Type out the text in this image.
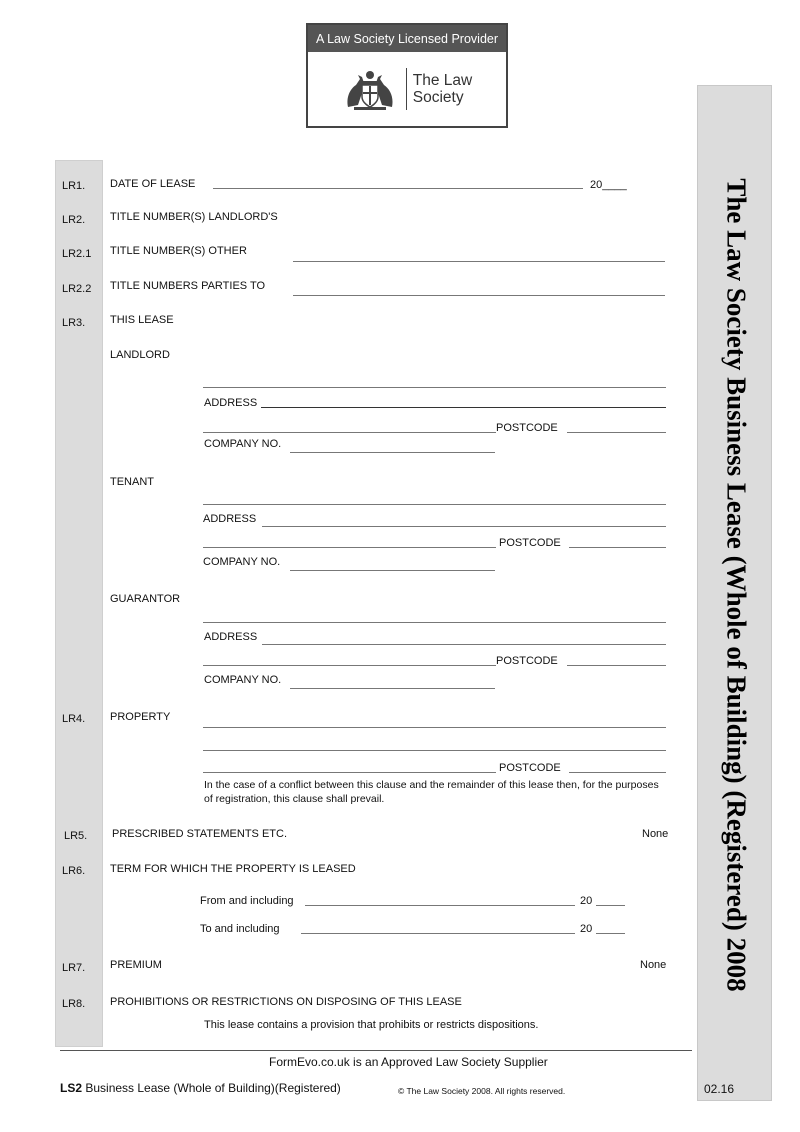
A Law Society Licensed Provider
The Law
Society
The Law Society Business Lease (Whole of Building) (Registered) 2008
LR1. DATE OF LEASE	20____
LR2. TITLE NUMBER(S) LANDLORD'S
LR2.1 TITLE NUMBER(S) OTHER
LR2.2 TITLE NUMBERS PARTIES TO
LR3. THIS LEASE
LANDLORD
ADDRESS
POSTCODE
COMPANY NO.
TENANT
ADDRESS
POSTCODE
COMPANY NO.
GUARANTOR
ADDRESS
POSTCODE
COMPANY NO.
LR4. PROPERTY
POSTCODE
In the case of a conflict between this clause and the remainder of this lease then, for the purposes of registration, this clause shall prevail.
LR5. PRESCRIBED STATEMENTS ETC.	None
LR6. TERM FOR WHICH THE PROPERTY IS LEASED
From and including	20
To and including	20
LR7. PREMIUM	None
LR8. PROHIBITIONS OR RESTRICTIONS ON DISPOSING OF THIS LEASE
This lease contains a provision that prohibits or restricts dispositions.
FormEvo.co.uk is an Approved Law Society Supplier
LS2 Business Lease (Whole of Building)(Registered)	© The Law Society 2008. All rights reserved.	02.16
